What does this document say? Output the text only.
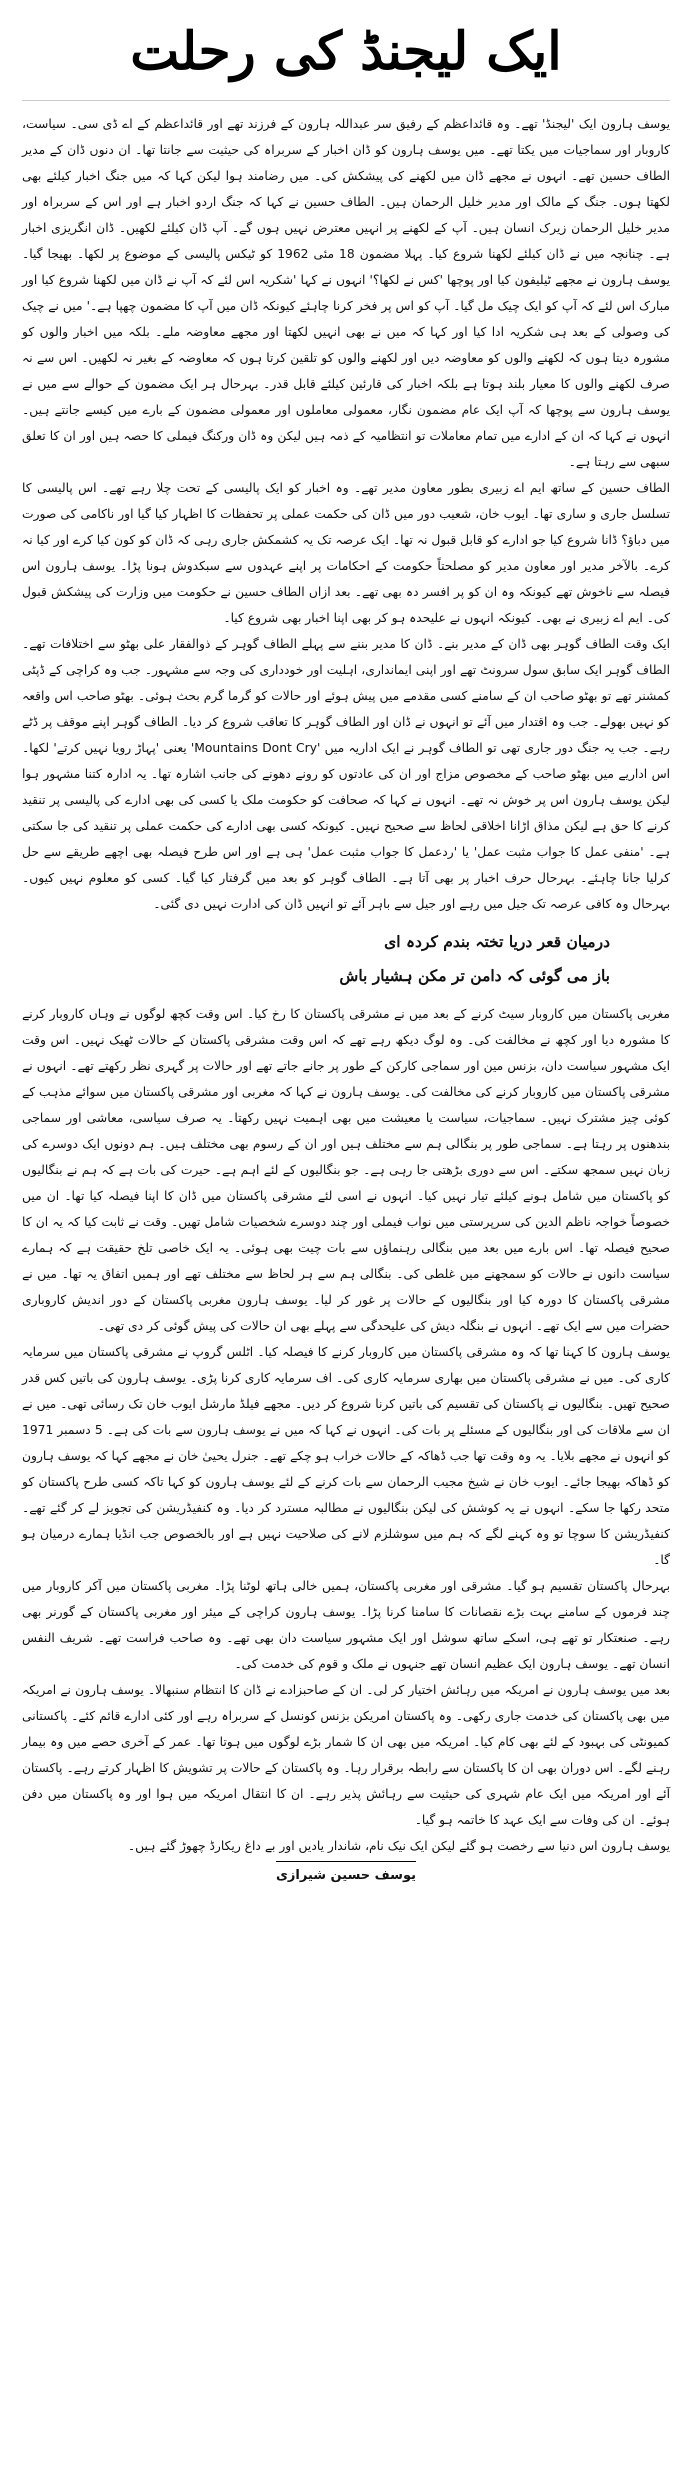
ایک لیجنڈ کی رحلت

یوسف ہارون ایک 'لیجنڈ' تھے۔ وہ قائداعظم کے رفیق سر عبداللہ ہارون کے فرزند تھے اور قائداعظم کے اے ڈی سی۔ سیاست، کاروبار اور سماجیات میں یکتا تھے۔ میں یوسف ہارون کو ڈان اخبار کے سربراہ کی حیثیت سے جانتا تھا۔ ان دنوں ڈان کے مدیر الطاف حسین تھے۔ انہوں نے مجھے ڈان میں لکھنے کی پیشکش کی۔ میں رضامند ہوا لیکن کہا کہ میں جنگ اخبار کیلئے بھی لکھتا ہوں۔ جنگ کے مالک اور مدیر خلیل الرحمان ہیں۔ الطاف حسین نے کہا کہ جنگ اردو اخبار ہے اور اس کے سربراہ اور مدیر خلیل الرحمان زیرک انسان ہیں۔ آپ کے لکھنے پر انہیں معترض نہیں ہوں گے۔ آپ ڈان کیلئے لکھیں۔ ڈان انگریزی اخبار ہے۔ چنانچہ میں نے ڈان کیلئے لکھنا شروع کیا۔ پہلا مضمون 18 مئی 1962 کو ٹیکس پالیسی کے موضوع پر لکھا۔ بھیجا گیا۔ یوسف ہارون نے مجھے ٹیلیفون کیا اور پوچھا 'کس نے لکھا؟' انہوں نے کہا 'شکریہ اس لئے کہ آپ نے ڈان میں لکھنا شروع کیا اور مبارک اس لئے کہ آپ کو ایک چیک مل گیا۔ آپ کو اس پر فخر کرنا چاہئے کیونکہ ڈان میں آپ کا مضمون چھپا ہے۔' میں نے چیک کی وصولی کے بعد ہی شکریہ ادا کیا اور کہا کہ میں نے بھی انہیں لکھتا اور مجھے معاوضہ ملے۔ بلکہ میں اخبار والوں کو مشورہ دیتا ہوں کہ لکھنے والوں کو معاوضہ دیں اور لکھنے والوں کو تلقین کرتا ہوں کہ معاوضہ کے بغیر نہ لکھیں۔ اس سے نہ صرف لکھنے والوں کا معیار بلند ہوتا ہے بلکہ اخبار کی قارئین کیلئے قابل قدر۔ بہرحال ہر ایک مضمون کے حوالے سے میں نے یوسف ہارون سے پوچھا کہ آپ ایک عام مضمون نگار، معمولی معاملوں اور معمولی مضمون کے بارے میں کیسے جانتے ہیں۔ انہوں نے کہا کہ ان کے ادارے میں تمام معاملات تو انتظامیہ کے ذمہ ہیں لیکن وہ ڈان ورکنگ فیملی کا حصہ ہیں اور ان کا تعلق سبھی سے رہتا ہے۔

الطاف حسین کے ساتھ ایم اے زبیری بطور معاون مدیر تھے۔ وہ اخبار کو ایک پالیسی کے تحت چلا رہے تھے۔ اس پالیسی کا تسلسل جاری و ساری تھا۔ ایوب خان، شعیب دور میں ڈان کی حکمت عملی پر تحفظات کا اظہار کیا گیا اور ناکامی کی صورت میں دباؤ؟ ڈانا شروع کیا جو ادارے کو قابل قبول نہ تھا۔ ایک عرصہ تک یہ کشمکش جاری رہی کہ ڈان کو کون کیا کرے اور کیا نہ کرے۔ بالآخر مدیر اور معاون مدیر کو مصلحتاً حکومت کے احکامات پر اپنے عہدوں سے سبکدوش ہونا پڑا۔ یوسف ہارون اس فیصلہ سے ناخوش تھے کیونکہ وہ ان کو پر افسر دہ بھی تھے۔ بعد ازاں الطاف حسین نے حکومت میں وزارت کی پیشکش قبول کی۔ ایم اے زبیری نے بھی۔ کیونکہ انہوں نے علیحدہ ہو کر بھی اپنا اخبار بھی شروع کیا۔

ایک وقت الطاف گوہر بھی ڈان کے مدیر بنے۔ ڈان کا مدیر بننے سے پہلے الطاف گوہر کے ذوالفقار علی بھٹو سے اختلافات تھے۔ الطاف گوہر ایک سابق سول سرونٹ تھے اور اپنی ایمانداری، اہلیت اور خودداری کی وجہ سے مشہور۔ جب وہ کراچی کے ڈپٹی کمشنر تھے تو بھٹو صاحب ان کے سامنے کسی مقدمے میں پیش ہوئے اور حالات کو گرما گرم بحث ہوئی۔ بھٹو صاحب اس واقعہ کو نہیں بھولے۔ جب وہ اقتدار میں آئے تو انہوں نے ڈان اور الطاف گوہر کا تعاقب شروع کر دیا۔ الطاف گوہر اپنے موقف پر ڈٹے رہے۔ جب یہ جنگ دور جاری تھی تو الطاف گوہر نے ایک اداریہ میں 'Mountains Dont Cry' یعنی 'پہاڑ رویا نہیں کرتے' لکھا۔ اس اداریے میں بھٹو صاحب کے مخصوص مزاج اور ان کی عادتوں کو رونے دھونے کی جانب اشارہ تھا۔ یہ ادارہ کتنا مشہور ہوا لیکن یوسف ہارون اس پر خوش نہ تھے۔ انہوں نے کہا کہ صحافت کو حکومت ملک یا کسی کی بھی ادارے کی پالیسی پر تنقید کرنے کا حق ہے لیکن مذاق اڑانا اخلاقی لحاظ سے صحیح نہیں۔ کیونکہ کسی بھی ادارے کی حکمت عملی پر تنقید کی جا سکتی ہے۔ 'منفی عمل کا جواب مثبت عمل' یا 'ردعمل کا جواب مثبت عمل' ہی ہے اور اس طرح فیصلہ بھی اچھے طریقے سے حل کرلیا جانا چاہئے۔ بہرحال حرف اخبار پر بھی آتا ہے۔ الطاف گوہر کو بعد میں گرفتار کیا گیا۔ کسی کو معلوم نہیں کیوں۔ بہرحال وہ کافی عرصہ تک جیل میں رہے اور جیل سے باہر آئے تو انہیں ڈان کی ادارت نہیں دی گئی۔

درمیان قعر دریا تختہ بندم کردہ ای
باز می گوئی کہ دامن تر مکن ہشیار باش

مغربی پاکستان میں کاروبار سیٹ کرنے کے بعد میں نے مشرقی پاکستان کا رخ کیا۔ اس وقت کچھ لوگوں نے وہاں کاروبار کرنے کا مشورہ دیا اور کچھ نے مخالفت کی۔ وہ لوگ دیکھ رہے تھے کہ اس وقت مشرقی پاکستان کے حالات ٹھیک نہیں۔ اس وقت ایک مشہور سیاست دان، بزنس مین اور سماجی کارکن کے طور پر جانے جاتے تھے اور حالات پر گہری نظر رکھتے تھے۔ انہوں نے مشرقی پاکستان میں کاروبار کرنے کی مخالفت کی۔ یوسف ہارون نے کہا کہ مغربی اور مشرقی پاکستان میں سوائے مذہب کے کوئی چیز مشترک نہیں۔ سماجیات، سیاست یا معیشت میں بھی اہمیت نہیں رکھتا۔ یہ صرف سیاسی، معاشی اور سماجی بندھنوں پر رہتا ہے۔ سماجی طور پر بنگالی ہم سے مختلف ہیں اور ان کے رسوم بھی مختلف ہیں۔ ہم دونوں ایک دوسرے کی زبان نہیں سمجھ سکتے۔ اس سے دوری بڑھتی جا رہی ہے۔ جو بنگالیوں کے لئے اہم ہے۔ حیرت کی بات ہے کہ ہم نے بنگالیوں کو پاکستان میں شامل ہونے کیلئے تیار نہیں کیا۔ انہوں نے اسی لئے مشرقی پاکستان میں ڈان کا اپنا فیصلہ کیا تھا۔ ان میں خصوصاً خواجہ ناظم الدین کی سرپرستی میں نواب فیملی اور چند دوسرے شخصیات شامل تھیں۔ وقت نے ثابت کیا کہ یہ ان کا صحیح فیصلہ تھا۔ اس بارے میں بعد میں بنگالی رہنماؤں سے بات چیت بھی ہوئی۔ یہ ایک خاصی تلخ حقیقت ہے کہ ہمارے سیاست دانوں نے حالات کو سمجھنے میں غلطی کی۔ بنگالی ہم سے ہر لحاظ سے مختلف تھے اور ہمیں اتفاق یہ تھا۔ میں نے مشرقی پاکستان کا دورہ کیا اور بنگالیوں کے حالات پر غور کر لیا۔ یوسف ہارون مغربی پاکستان کے دور اندیش کاروباری حضرات میں سے ایک تھے۔ انہوں نے بنگلہ دیش کی علیحدگی سے پہلے بھی ان حالات کی پیش گوئی کر دی تھی۔

یوسف ہارون کا کہنا تھا کہ وہ مشرقی پاکستان میں کاروبار کرنے کا فیصلہ کیا۔ اٹلس گروپ نے مشرقی پاکستان میں سرمایہ کاری کی۔ میں نے مشرقی پاکستان میں بھاری سرمایہ کاری کی۔ اف سرمایہ کاری کرنا پڑی۔ یوسف ہارون کی باتیں کس قدر صحیح تھیں۔ بنگالیوں نے پاکستان کی تقسیم کی باتیں کرنا شروع کر دیں۔ مجھے فیلڈ مارشل ایوب خان تک رسائی تھی۔ میں نے ان سے ملاقات کی اور بنگالیوں کے مسئلے پر بات کی۔ انہوں نے کہا کہ میں نے یوسف ہارون سے بات کی ہے۔ 5 دسمبر 1971 کو انہوں نے مجھے بلایا۔ یہ وہ وقت تھا جب ڈھاکہ کے حالات خراب ہو چکے تھے۔ جنرل یحییٰ خان نے مجھے کہا کہ یوسف ہارون کو ڈھاکہ بھیجا جائے۔ ایوب خان نے شیخ مجیب الرحمان سے بات کرنے کے لئے یوسف ہارون کو کہا تاکہ کسی طرح پاکستان کو متحد رکھا جا سکے۔ انہوں نے یہ کوشش کی لیکن بنگالیوں نے مطالبہ مسترد کر دیا۔ وہ کنفیڈریشن کی تجویز لے کر گئے تھے۔ کنفیڈریشن کا سوچا تو وہ کہنے لگے کہ ہم میں سوشلزم لانے کی صلاحیت نہیں ہے اور بالخصوص جب انڈیا ہمارے درمیان ہو گا۔

بہرحال پاکستان تقسیم ہو گیا۔ مشرقی اور مغربی پاکستان، ہمیں خالی ہاتھ لوٹنا پڑا۔ مغربی پاکستان میں آکر کاروبار میں چند فرموں کے سامنے بہت بڑے نقصانات کا سامنا کرنا پڑا۔ یوسف ہارون کراچی کے میئر اور مغربی پاکستان کے گورنر بھی رہے۔ صنعتکار تو تھے ہی، اسکے ساتھ سوشل اور ایک مشہور سیاست دان بھی تھے۔ وہ صاحب فراست تھے۔ شریف النفس انسان تھے۔ یوسف ہارون ایک عظیم انسان تھے جنہوں نے ملک و قوم کی خدمت کی۔

بعد میں یوسف ہارون نے امریکہ میں رہائش اختیار کر لی۔ ان کے صاحبزادے نے ڈان کا انتظام سنبھالا۔ یوسف ہارون نے امریکہ میں بھی پاکستان کی خدمت جاری رکھی۔ وہ پاکستان امریکن بزنس کونسل کے سربراہ رہے اور کئی ادارے قائم کئے۔ پاکستانی کمیونٹی کی بہبود کے لئے بھی کام کیا۔ امریکہ میں بھی ان کا شمار بڑے لوگوں میں ہوتا تھا۔ عمر کے آخری حصے میں وہ بیمار رہنے لگے۔ اس دوران بھی ان کا پاکستان سے رابطہ برقرار رہا۔ وہ پاکستان کے حالات پر تشویش کا اظہار کرتے رہے۔ پاکستان آئے اور امریکہ میں ایک عام شہری کی حیثیت سے رہائش پذیر رہے۔ ان کا انتقال امریکہ میں ہوا اور وہ پاکستان میں دفن ہوئے۔ ان کی وفات سے ایک عہد کا خاتمہ ہو گیا۔

یوسف ہارون اس دنیا سے رخصت ہو گئے لیکن ایک نیک نام، شاندار یادیں اور بے داغ ریکارڈ چھوڑ گئے ہیں۔

یوسف حسین شیرازی
